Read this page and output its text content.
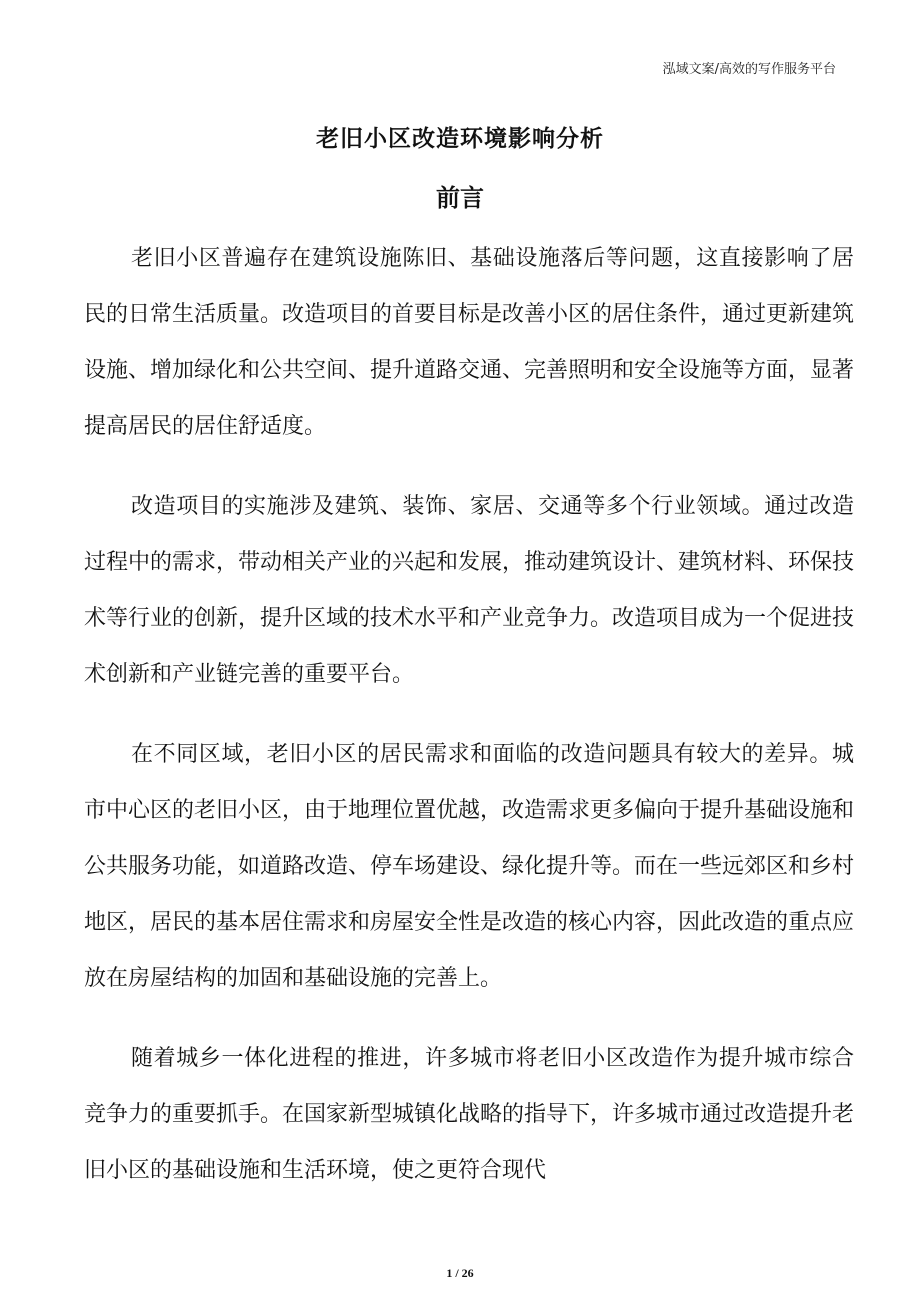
泓域文案/高效的写作服务平台
老旧小区改造环境影响分析
前言

老旧小区普遍存在建筑设施陈旧、基础设施落后等问题，这直接影响了居民的日常生活质量。改造项目的首要目标是改善小区的居住条件，通过更新建筑设施、增加绿化和公共空间、提升道路交通、完善照明和安全设施等方面，显著提高居民的居住舒适度。

改造项目的实施涉及建筑、装饰、家居、交通等多个行业领域。通过改造过程中的需求，带动相关产业的兴起和发展，推动建筑设计、建筑材料、环保技术等行业的创新，提升区域的技术水平和产业竞争力。改造项目成为一个促进技术创新和产业链完善的重要平台。

在不同区域，老旧小区的居民需求和面临的改造问题具有较大的差异。城市中心区的老旧小区，由于地理位置优越，改造需求更多偏向于提升基础设施和公共服务功能，如道路改造、停车场建设、绿化提升等。而在一些远郊区和乡村地区，居民的基本居住需求和房屋安全性是改造的核心内容，因此改造的重点应放在房屋结构的加固和基础设施的完善上。

随着城乡一体化进程的推进，许多城市将老旧小区改造作为提升城市综合竞争力的重要抓手。在国家新型城镇化战略的指导下，许多城市通过改造提升老旧小区的基础设施和生活环境，使之更符合现代

1 / 26
